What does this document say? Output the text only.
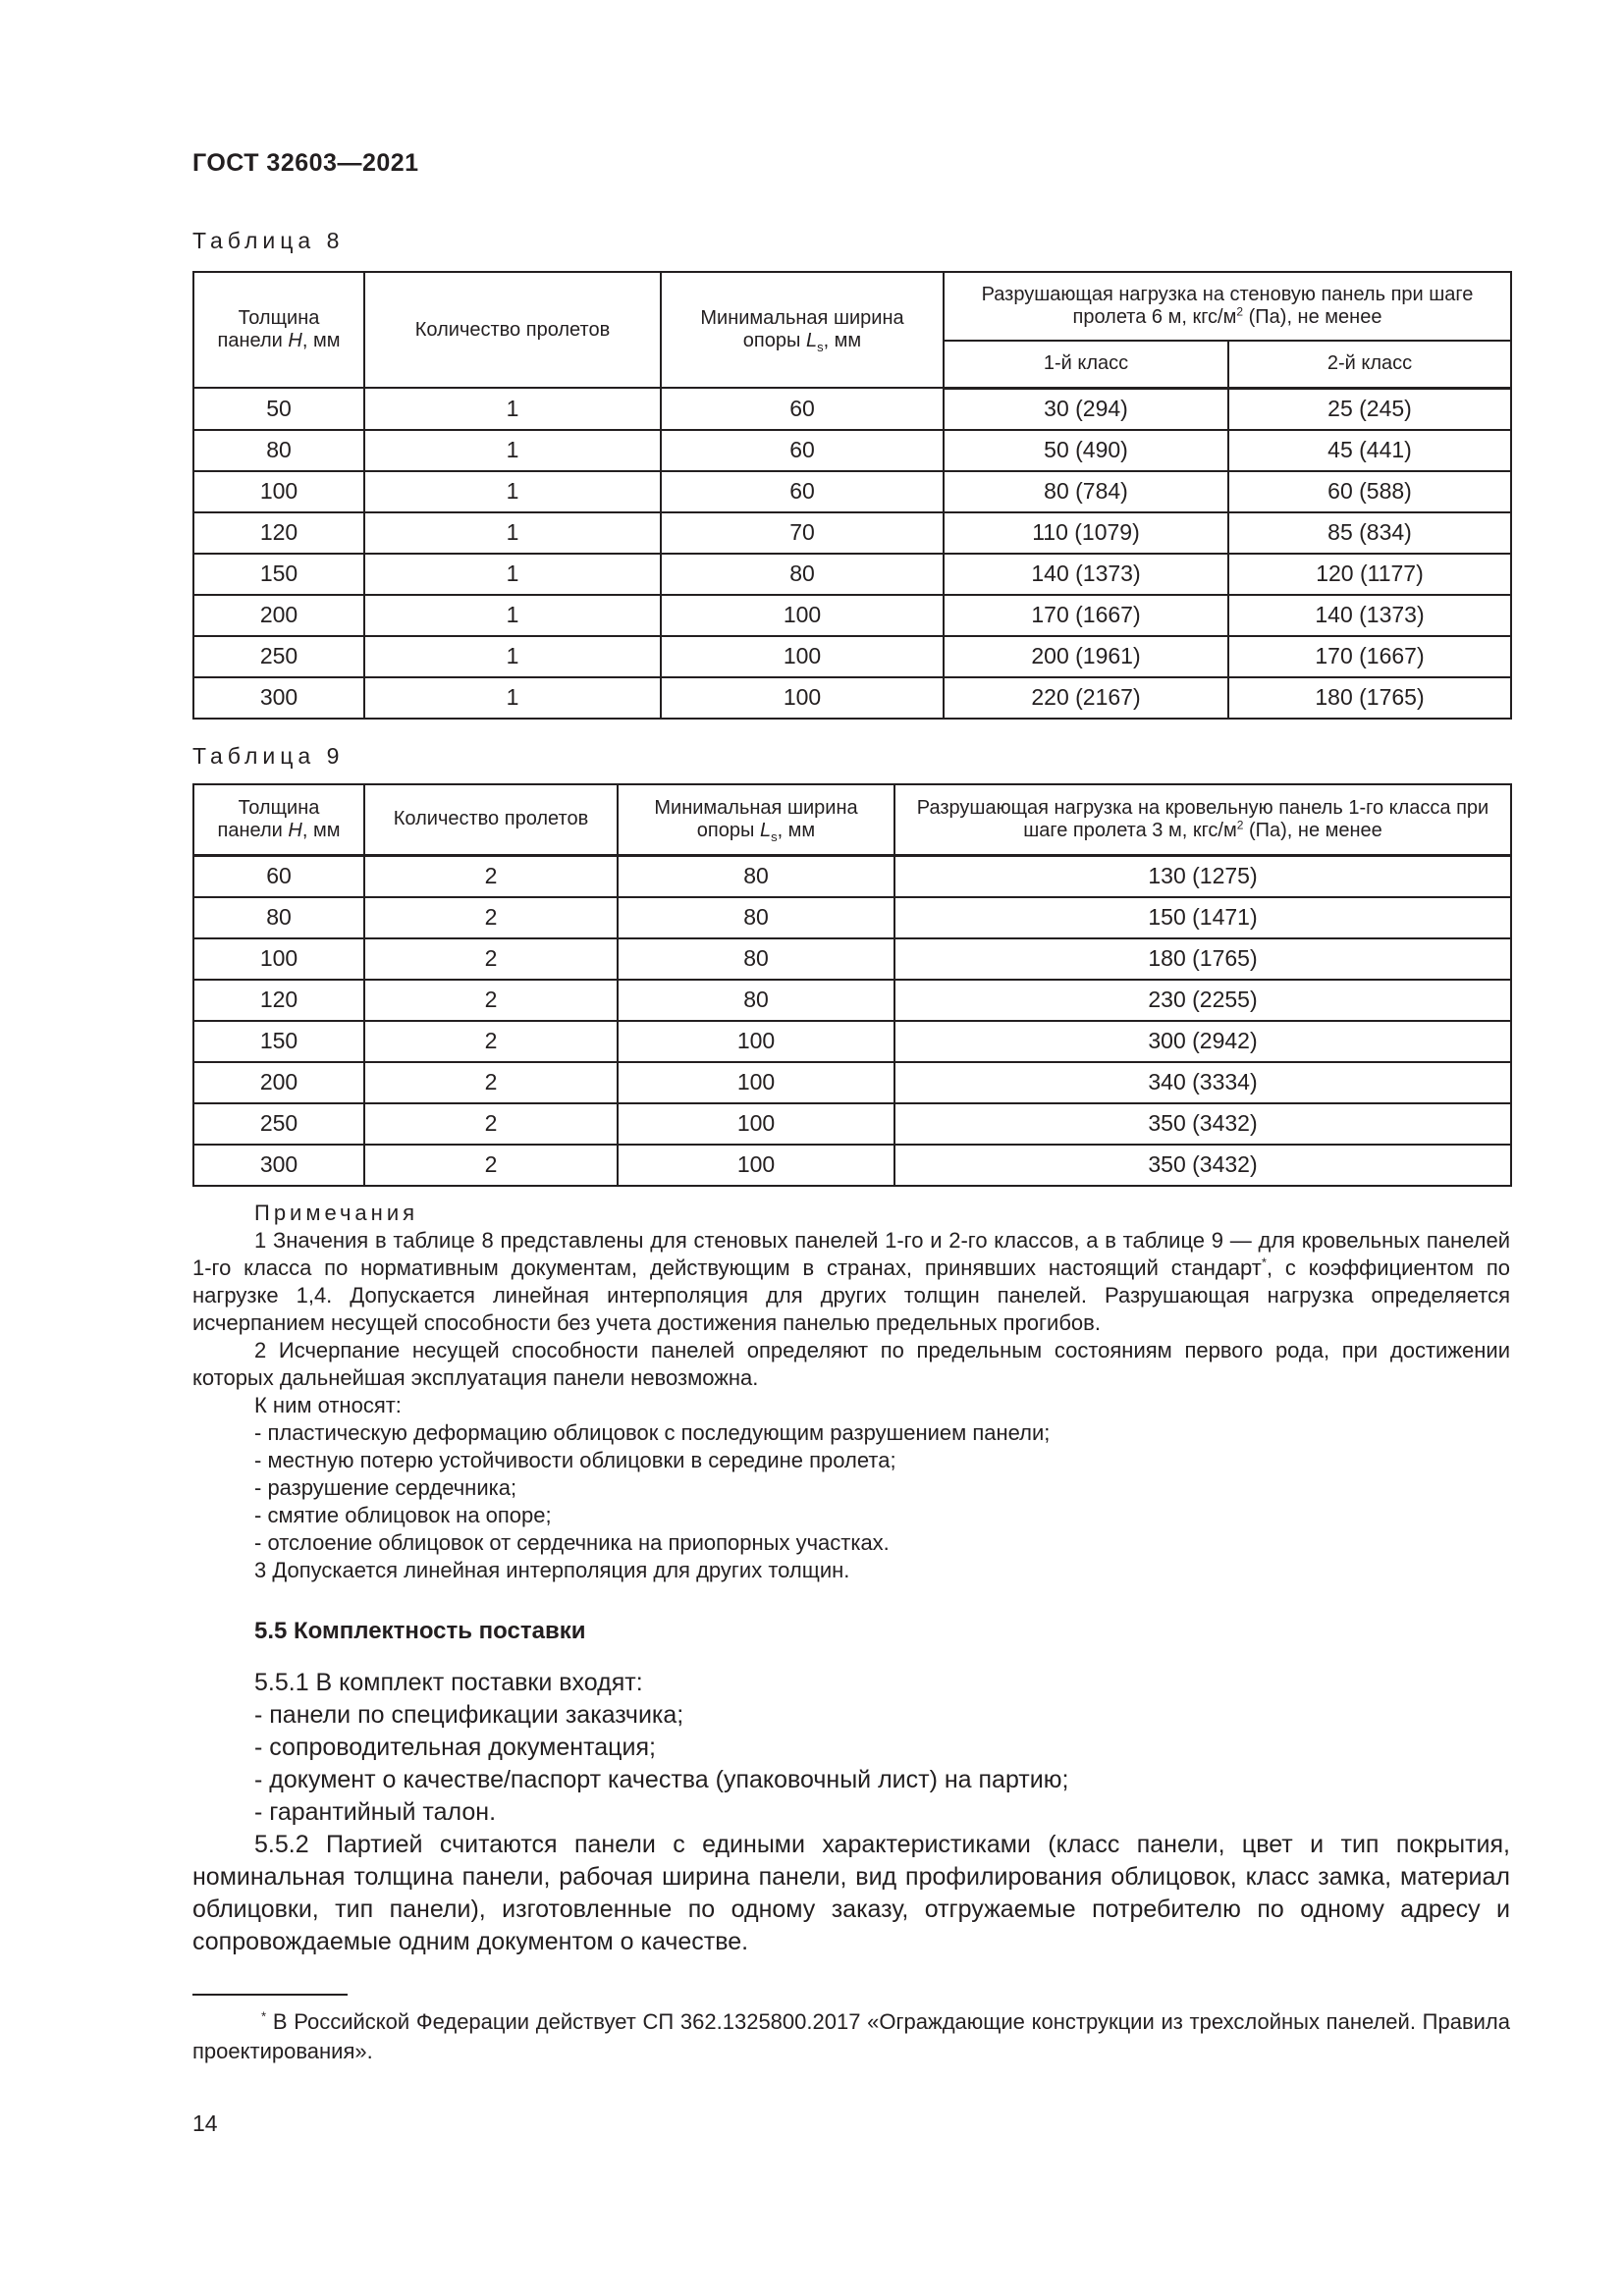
ГОСТ 32603—2021
Таблица 8
Толщина панели H, мм	Количество пролетов	Минимальная ширина опоры $L_s$, мм	Разрушающая нагрузка на стеновую панель при шаге пролета 6 м, кгс/$м^2$ (Па), не менее	
			1-й класс	2-й класс
50	1	60	30 (294)	25 (245)
80	1	60	50 (490)	45 (441)
100	1	60	80 (784)	60 (588)
120	1	70	110 (1079)	85 (834)
150	1	80	140 (1373)	120 (1177)
200	1	100	170 (1667)	140 (1373)
250	1	100	200 (1961)	170 (1667)
300	1	100	220 (2167)	180 (1765)
Таблица 9
Толщина панели H, мм	Количество пролетов	Минимальная ширина опоры $L_s$, мм	Разрушающая нагрузка на кровельную панель 1-го класса при шаге пролета 3 м, кгс/$м^2$ (Па), не менее
60	2	80	130 (1275)
80	2	80	150 (1471)
100	2	80	180 (1765)
120	2	80	230 (2255)
150	2	100	300 (2942)
200	2	100	340 (3334)
250	2	100	350 (3432)
300	2	100	350 (3432)

Примечания

1 Значения в таблице 8 представлены для стеновых панелей 1-го и 2-го классов, а в таблице 9 — для кровельных панелей 1-го класса по нормативным документам, действующим в странах, принявших настоящий стандарт*, с коэффициентом по нагрузке 1,4. Допускается линейная интерполяция для других толщин панелей. Разрушающая нагрузка определяется исчерпанием несущей способности без учета достижения панелью предельных прогибов.

2 Исчерпание несущей способности панелей определяют по предельным состояниям первого рода, при достижении которых дальнейшая эксплуатация панели невозможна.

К ним относят:

- пластическую деформацию облицовок с последующим разрушением панели;

- местную потерю устойчивости облицовки в середине пролета;

- разрушение сердечника;

- смятие облицовок на опоре;

- отслоение облицовок от сердечника на приопорных участках.

3 Допускается линейная интерполяция для других толщин.

5.5 Комплектность поставки

5.5.1 В комплект поставки входят:

- панели по спецификации заказчика;

- сопроводительная документация;

- документ о качестве/паспорт качества (упаковочный лист) на партию;

- гарантийный талон.

5.5.2 Партией считаются панели с едиными характеристиками (класс панели, цвет и тип покрытия, номинальная толщина панели, рабочая ширина панели, вид профилирования облицовок, класс замка, материал облицовки, тип панели), изготовленные по одному заказу, отгружаемые потребителю по одному адресу и сопровождаемые одним документом о качестве.

* В Российской Федерации действует СП 362.1325800.2017 «Ограждающие конструкции из трехслойных панелей. Правила проектирования».

14
